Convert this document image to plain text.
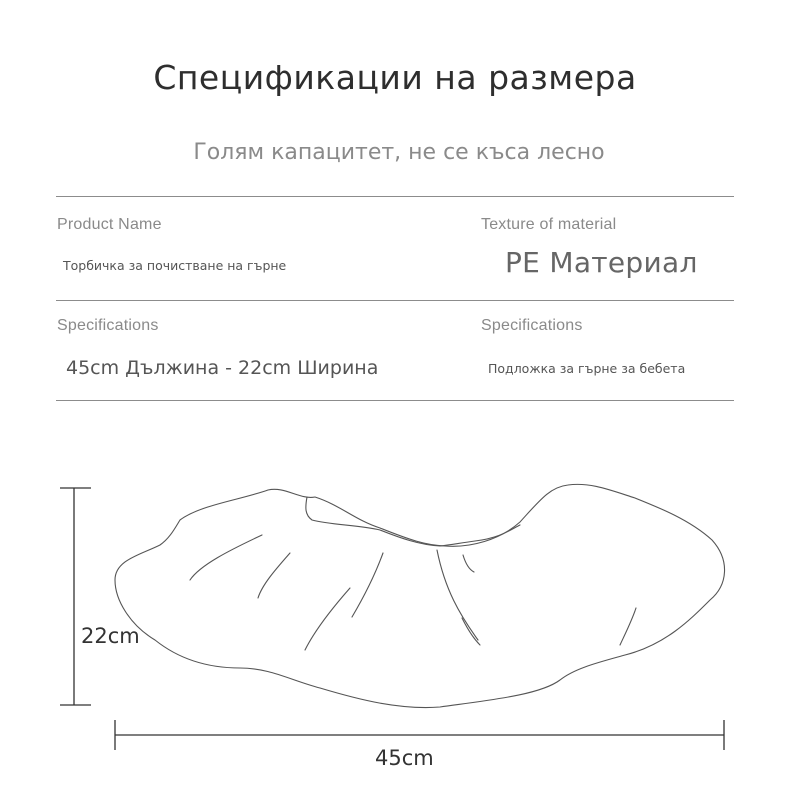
Спецификации на размера
Голям капацитет, не се къса лесно
Product Name
Торбичка за почистване на гърне
Texture of material
PE Материал
Specifications
45cm Дължина - 22cm Ширина
Specifications
Подложка за гърне за бебета
22cm
45cm
